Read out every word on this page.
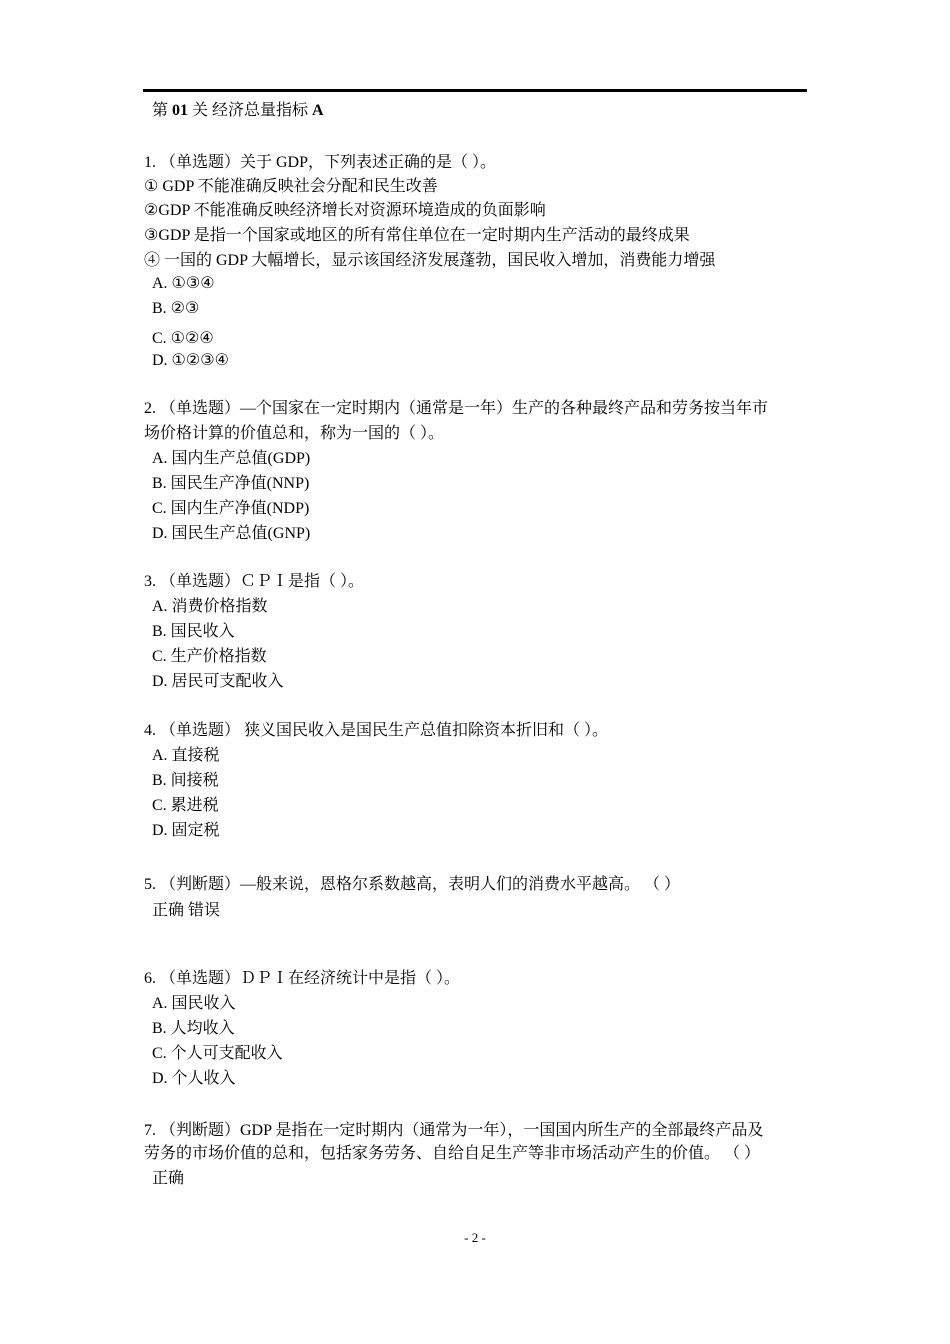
第 01 关 经济总量指标 A
1. （单选题）关于 GDP，下列表述正确的是（ ）。
① GDP 不能准确反映社会分配和民生改善
②GDP 不能准确反映经济增长对资源环境造成的负面影响
③GDP 是指一个国家或地区的所有常住单位在一定时期内生产活动的最终成果
④ 一国的 GDP 大幅增长，显示该国经济发展蓬勃，国民收入增加，消费能力增强
A. ①③④
B. ②③
C. ①②④
D. ①②③④
2. （单选题）—个国家在一定时期内（通常是一年）生产的各种最终产品和劳务按当年市
场价格计算的价值总和，称为一国的（ ）。
A. 国内生产总值(GDP)
B. 国民生产净值(NNP)
C. 国内生产净值(NDP)
D. 国民生产总值(GNP)
3. （单选题）ＣＰＩ是指（ ）。
A. 消费价格指数
B. 国民收入
C. 生产价格指数
D. 居民可支配收入
4. （单选题） 狭义国民收入是国民生产总值扣除资本折旧和（ ）。
A. 直接税
B. 间接税
C. 累进税
D. 固定税
5. （判断题）—般来说，恩格尔系数越高，表明人们的消费水平越高。 （ ）
正确 错误
6. （单选题）ＤＰＩ在经济统计中是指（ ）。
A. 国民收入
B. 人均收入
C. 个人可支配收入
D. 个人收入
7. （判断题）GDP 是指在一定时期内（通常为一年），一国国内所生产的全部最终产品及
劳务的市场价值的总和，包括家务劳务、自给自足生产等非市场活动产生的价值。 （ ）
正确
- 2 -
